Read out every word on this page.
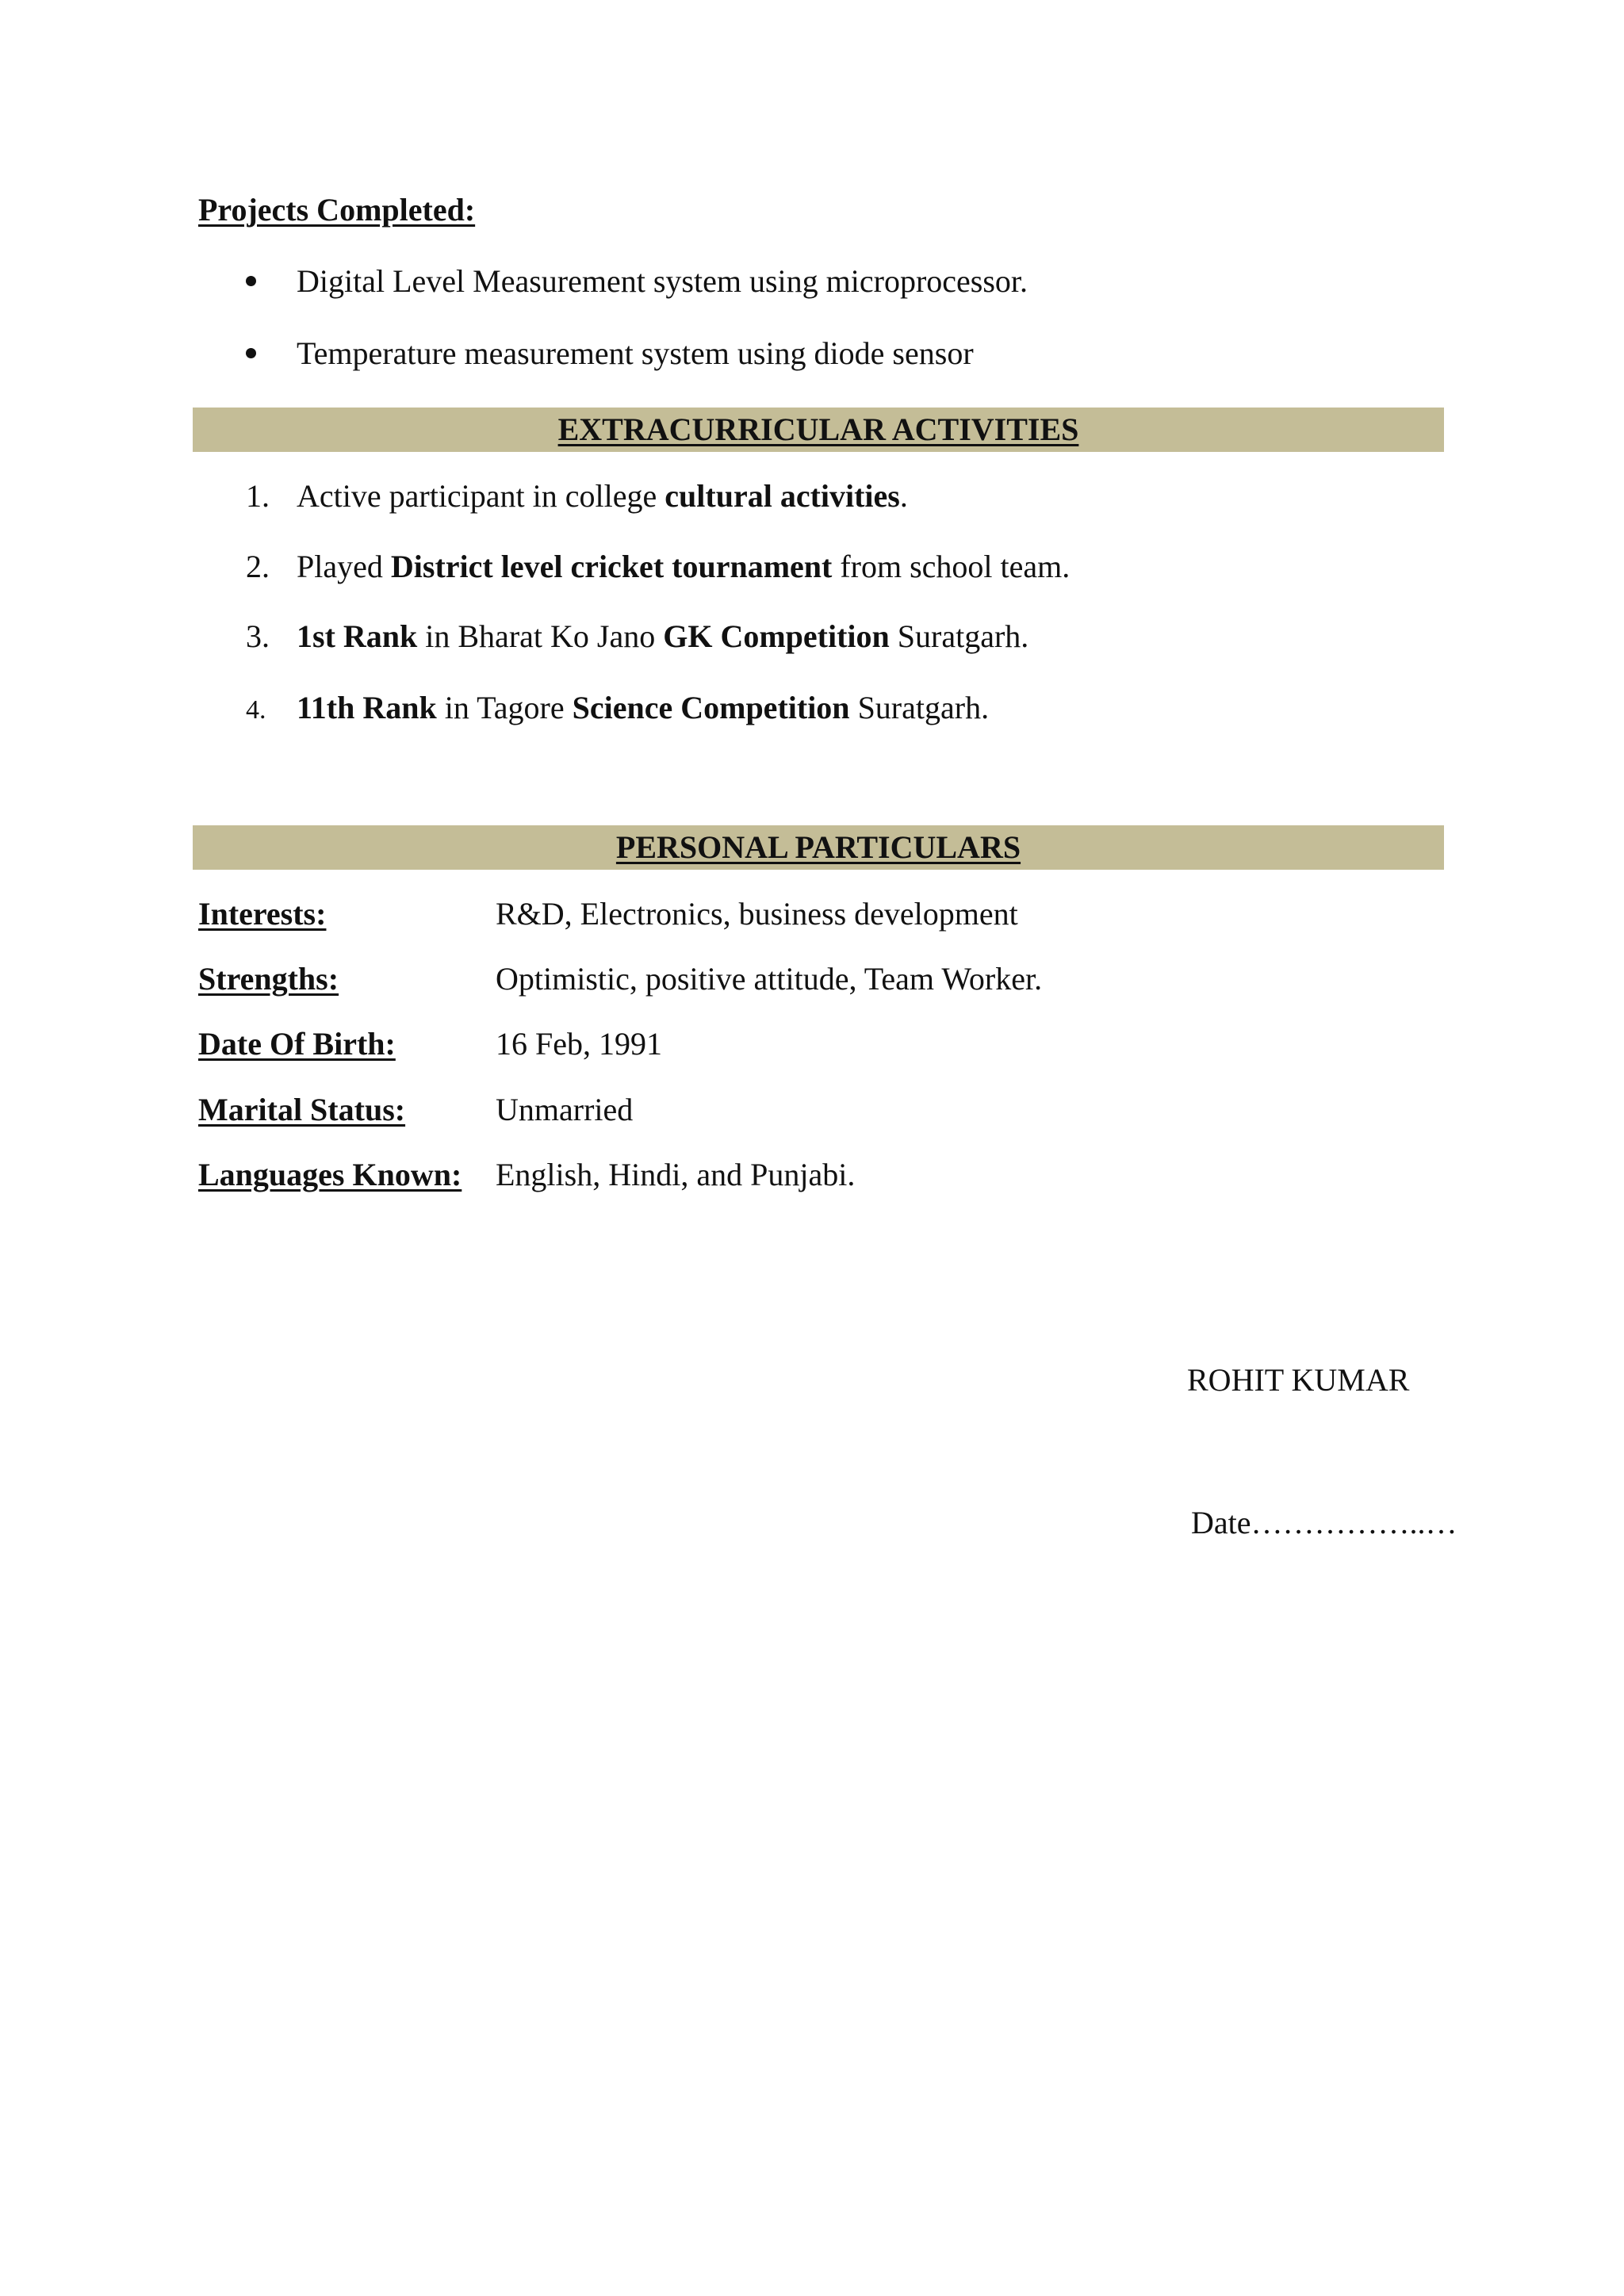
Projects Completed:
Digital Level Measurement system using microprocessor.
Temperature measurement system using diode sensor
EXTRACURRICULAR ACTIVITIES
1. Active participant in college cultural activities.
2. Played District level cricket tournament from school team.
3. 1st Rank in Bharat Ko Jano GK Competition Suratgarh.
4. 11th Rank in Tagore Science Competition Suratgarh.
PERSONAL PARTICULARS
Interests:	R&D, Electronics, business development
Strengths:	Optimistic, positive attitude, Team Worker.
Date Of Birth:	16 Feb, 1991
Marital Status:	Unmarried
Languages Known: English, Hindi, and Punjabi.
ROHIT KUMAR
Date……………..…
